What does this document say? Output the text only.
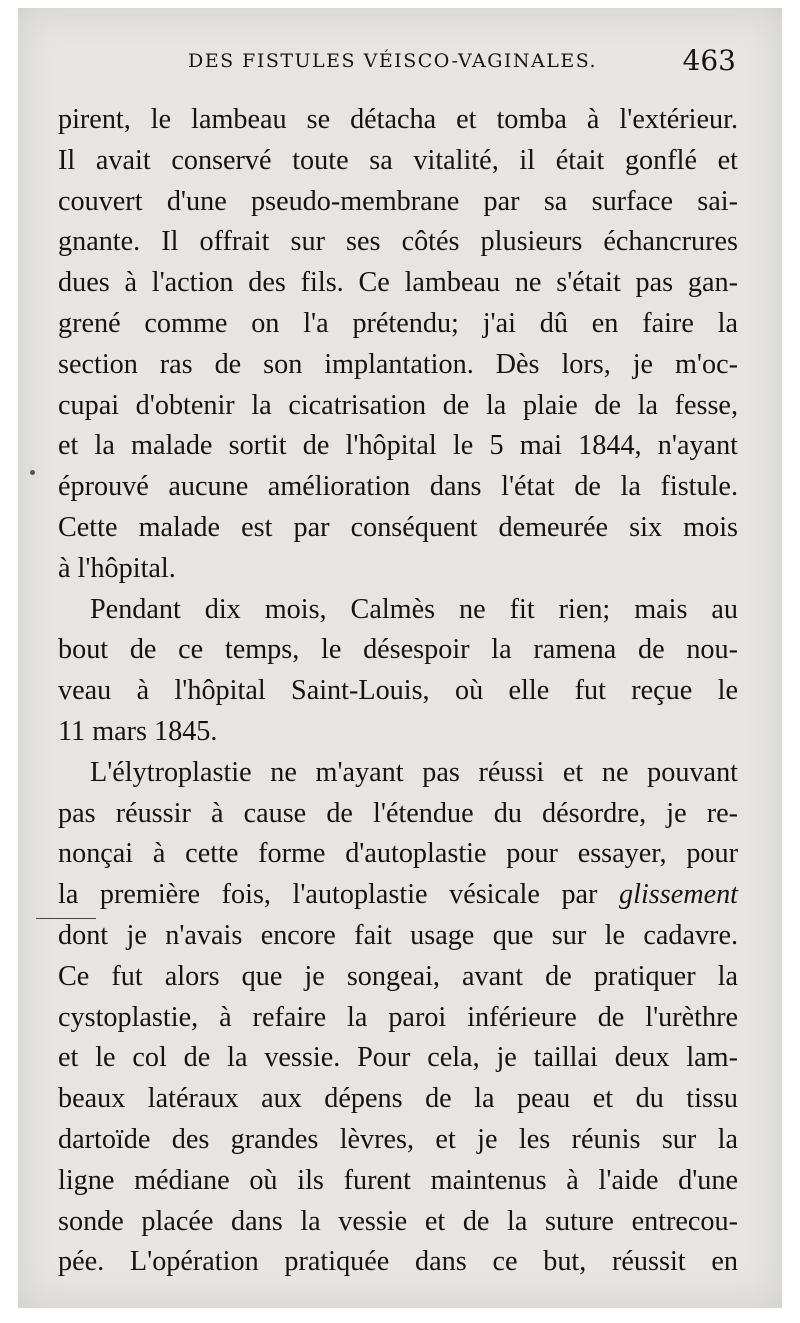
DES FISTULES VÉISCO-VAGINALES.	463
pirent, le lambeau se détacha et tomba à l'extérieur.
Il avait conservé toute sa vitalité, il était gonflé et
couvert d'une pseudo-membrane par sa surface sai-
gnante. Il offrait sur ses côtés plusieurs échancrures
dues à l'action des fils. Ce lambeau ne s'était pas gan-
grené comme on l'a prétendu; j'ai dû en faire la
section ras de son implantation. Dès lors, je m'oc-
cupai d'obtenir la cicatrisation de la plaie de la fesse,
et la malade sortit de l'hôpital le 5 mai 1844, n'ayant
éprouvé aucune amélioration dans l'état de la fistule.
Cette malade est par conséquent demeurée six mois
à l'hôpital.
Pendant dix mois, Calmès ne fit rien; mais au
bout de ce temps, le désespoir la ramena de nou-
veau à l'hôpital Saint-Louis, où elle fut reçue le
11 mars 1845.
L'élytroplastie ne m'ayant pas réussi et ne pouvant
pas réussir à cause de l'étendue du désordre, je re-
nonçai à cette forme d'autoplastie pour essayer, pour
la première fois, l'autoplastie vésicale par glissement
dont je n'avais encore fait usage que sur le cadavre.
Ce fut alors que je songeai, avant de pratiquer la
cystoplastie, à refaire la paroi inférieure de l'urèthre
et le col de la vessie. Pour cela, je taillai deux lam-
beaux latéraux aux dépens de la peau et du tissu
dartoïde des grandes lèvres, et je les réunis sur la
ligne médiane où ils furent maintenus à l'aide d'une
sonde placée dans la vessie et de la suture entrecou-
pée. L'opération pratiquée dans ce but, réussit en
